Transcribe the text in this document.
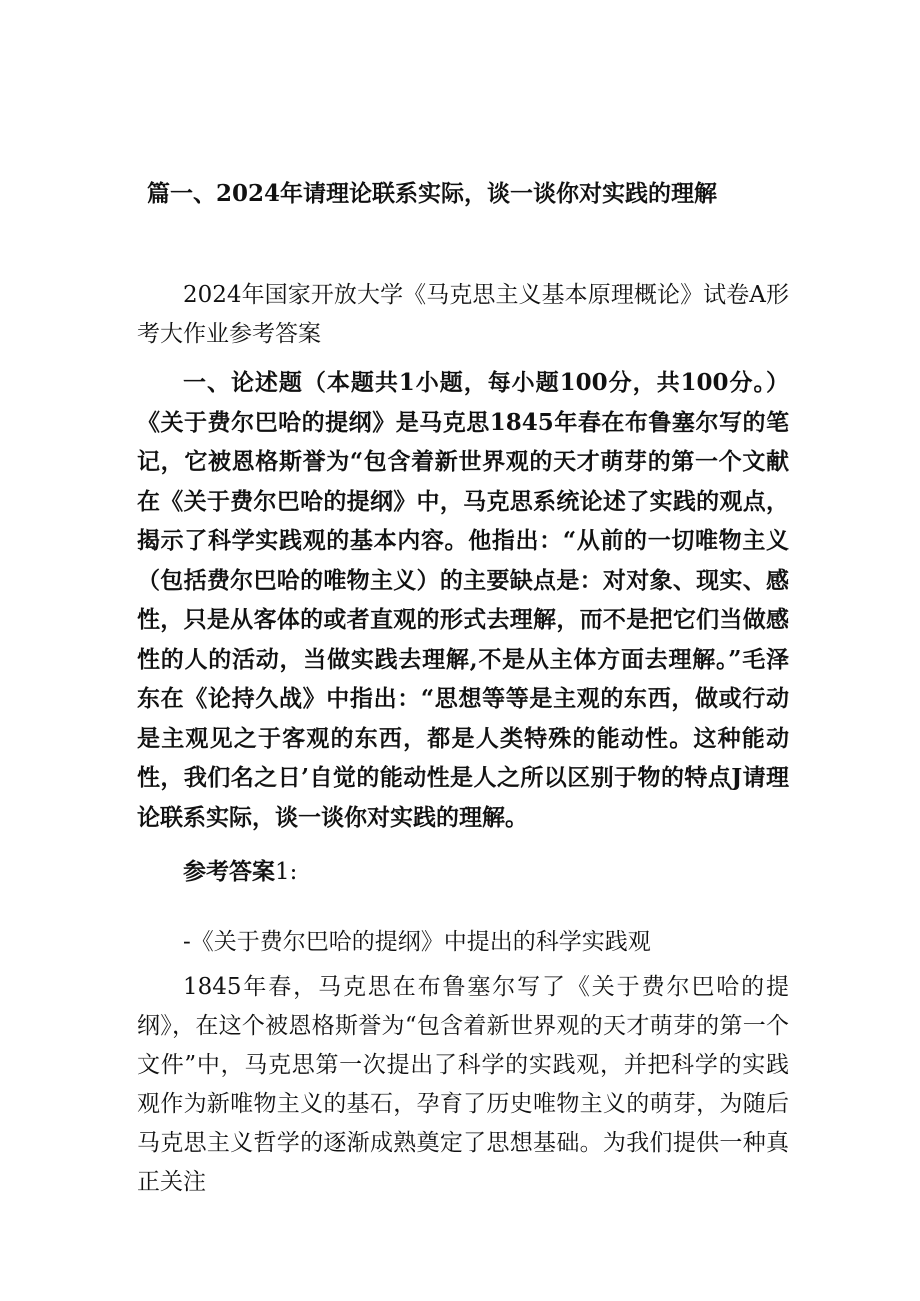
篇一、2024年请理论联系实际，谈一谈你对实践的理解
2024年国家开放大学《马克思主义基本原理概论》试卷A形考大作业参考答案
一、论述题（本题共1小题，每小题100分，共100分。）《关于费尔巴哈的提纲》是马克思1845年春在布鲁塞尔写的笔记，它被恩格斯誉为“包含着新世界观的天才萌芽的第一个文献在《关于费尔巴哈的提纲》中，马克思系统论述了实践的观点，揭示了科学实践观的基本内容。他指出：“从前的一切唯物主义（包括费尔巴哈的唯物主义）的主要缺点是：对对象、现实、感性，只是从客体的或者直观的形式去理解，而不是把它们当做感性的人的活动，当做实践去理解,不是从主体方面去理解。”毛泽东在《论持久战》中指出：“思想等等是主观的东西，做或行动是主观见之于客观的东西，都是人类特殊的能动性。这种能动性，我们名之日’自觉的能动性是人之所以区别于物的特点J请理论联系实际，谈一谈你对实践的理解。
参考答案1:
-《关于费尔巴哈的提纲》中提出的科学实践观
1845年春，马克思在布鲁塞尔写了《关于费尔巴哈的提纲》，在这个被恩格斯誉为“包含着新世界观的天才萌芽的第一个文件”中，马克思第一次提出了科学的实践观，并把科学的实践观作为新唯物主义的基石，孕育了历史唯物主义的萌芽，为随后马克思主义哲学的逐渐成熟奠定了思想基础。为我们提供一种真正关注
